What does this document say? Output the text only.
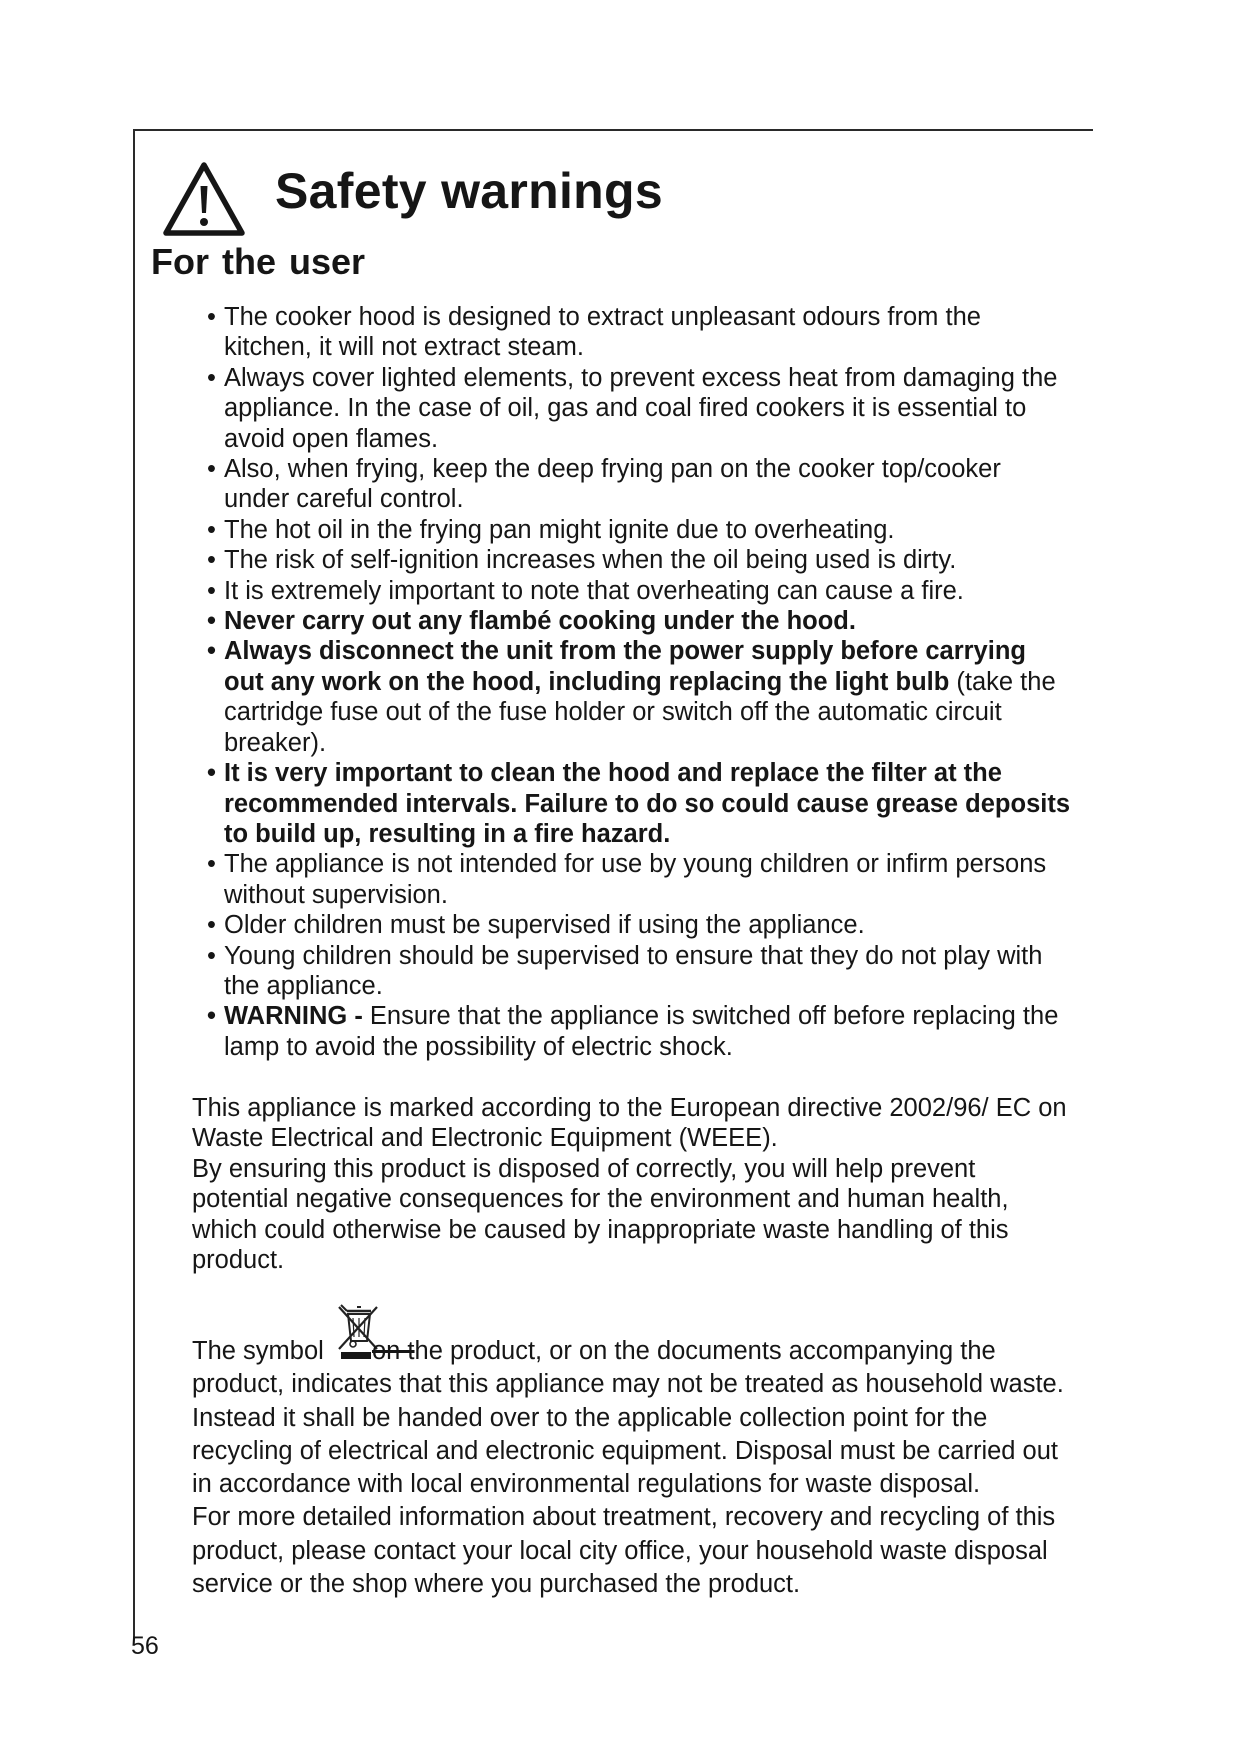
Safety warnings
For the user
• The cooker hood is designed to extract unpleasant odours from the kitchen, it will not extract steam.
• Always cover lighted elements, to prevent excess heat from damaging the appliance. In the case of oil, gas and coal fired cookers it is essential to avoid open flames.
• Also, when frying, keep the deep frying pan on the cooker top/cooker under careful control.
• The hot oil in the frying pan might ignite due to overheating.
• The risk of self-ignition increases when the oil being used is dirty.
• It is extremely important to note that overheating can cause a fire.
• Never carry out any flambé cooking under the hood.
• Always disconnect the unit from the power supply before carrying out any work on the hood, including replacing the light bulb (take the cartridge fuse out of the fuse holder or switch off the automatic circuit breaker).
• It is very important to clean the hood and replace the filter at the recommended intervals. Failure to do so could cause grease deposits to build up, resulting in a fire hazard.
• The appliance is not intended for use by young children or infirm persons without supervision.
• Older children must be supervised if using the appliance.
• Young children should be supervised to ensure that they do not play with the appliance.
• WARNING - Ensure that the appliance is switched off before replacing the lamp to avoid the possibility of electric shock.
This appliance is marked according to the European directive 2002/96/ EC on Waste Electrical and Electronic Equipment (WEEE).
By ensuring this product is disposed of correctly, you will help prevent potential negative consequences for the environment and human health, which could otherwise be caused by inappropriate waste handling of this product.

The symbol on the product, or on the documents accompanying the product, indicates that this appliance may not be treated as household waste. Instead it shall be handed over to the applicable collection point for the recycling of electrical and electronic equipment. Disposal must be carried out in accordance with local environmental regulations for waste disposal.

For more detailed information about treatment, recovery and recycling of this product, please contact your local city office, your household waste disposal service or the shop where you purchased the product.

56
